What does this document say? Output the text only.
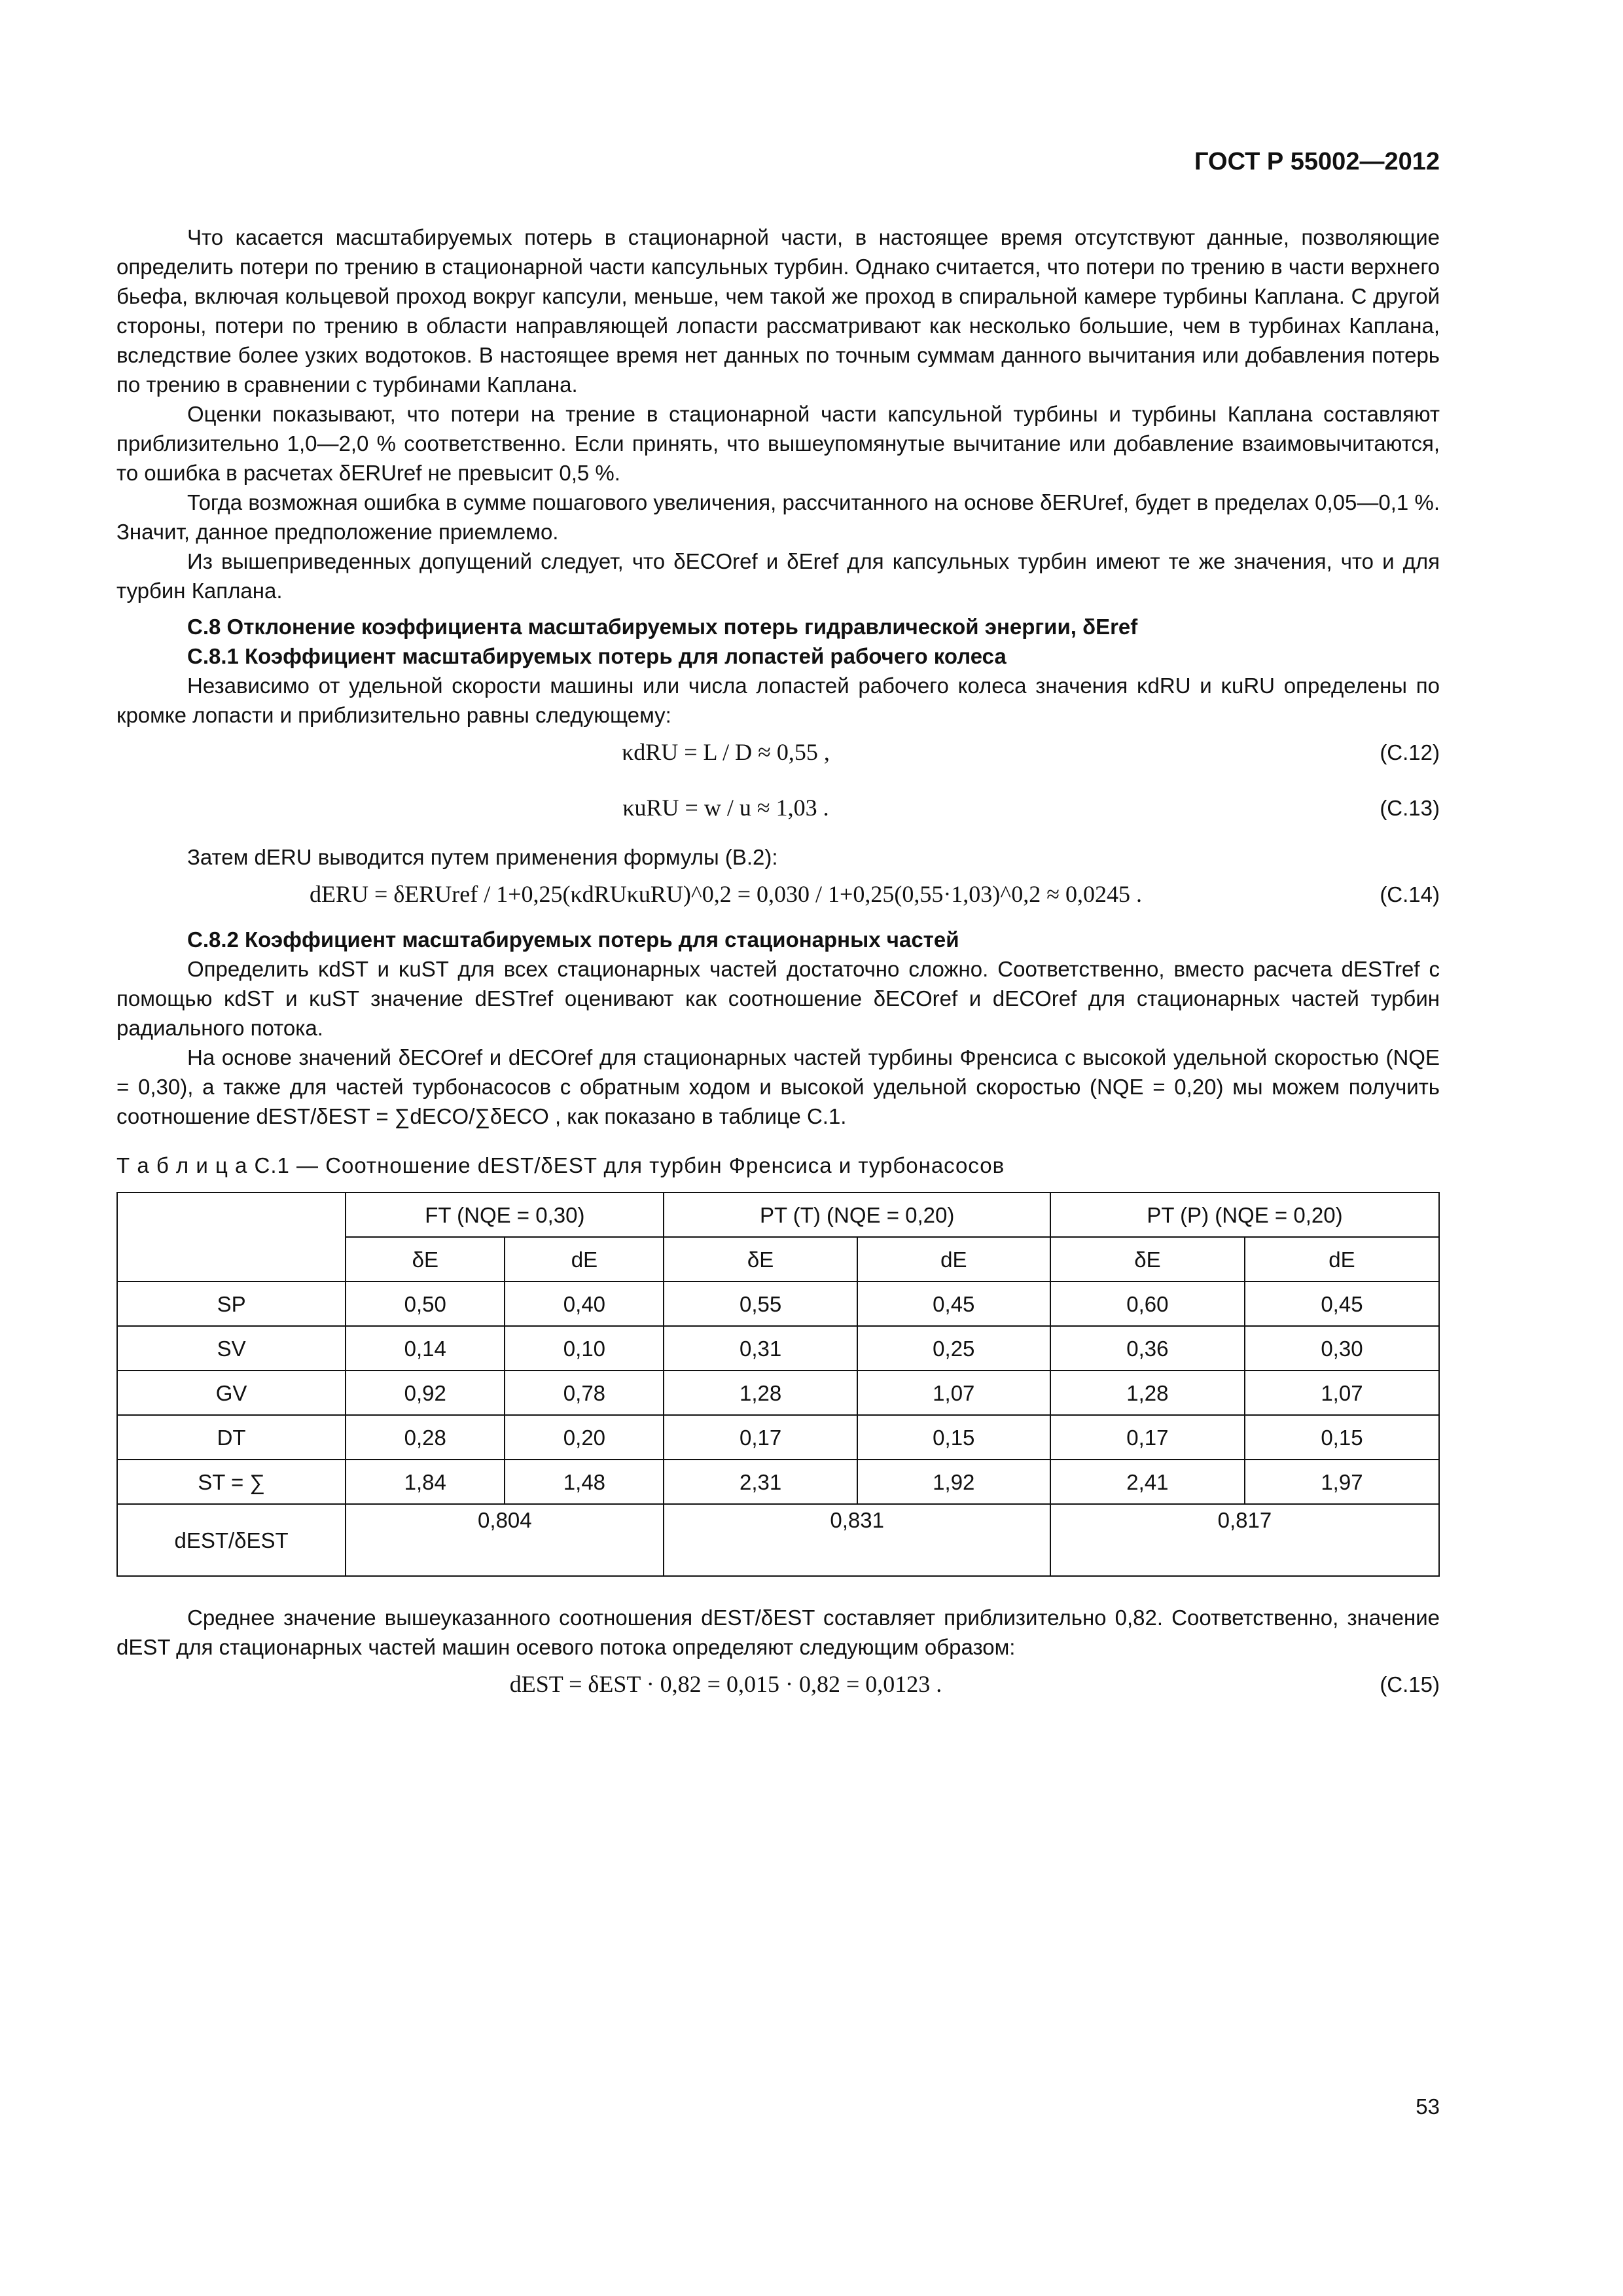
ГОСТ Р 55002—2012

Что касается масштабируемых потерь в стационарной части, в настоящее время отсутствуют данные, позволяющие определить потери по трению в стационарной части капсульных турбин. Однако считается, что потери по трению в части верхнего бьефа, включая кольцевой проход вокруг капсули, меньше, чем такой же проход в спиральной камере турбины Каплана. С другой стороны, потери по трению в области направляющей лопасти рассматривают как несколько большие, чем в турбинах Каплана, вследствие более узких водотоков. В настоящее время нет данных по точным суммам данного вычитания или добавления потерь по трению в сравнении с турбинами Каплана.

Оценки показывают, что потери на трение в стационарной части капсульной турбины и турбины Каплана составляют приблизительно 1,0—2,0 % соответственно. Если принять, что вышеупомянутые вычитание или добавление взаимовычитаются, то ошибка в расчетах δERUref не превысит 0,5 %.

Тогда возможная ошибка в сумме пошагового увеличения, рассчитанного на основе δERUref, будет в пределах 0,05—0,1 %. Значит, данное предположение приемлемо.

Из вышеприведенных допущений следует, что δECOref и δEref для капсульных турбин имеют те же значения, что и для турбин Каплана.

С.8 Отклонение коэффициента масштабируемых потерь гидравлической энергии, δEref
С.8.1 Коэффициент масштабируемых потерь для лопастей рабочего колеса

Независимо от удельной скорости машины или числа лопастей рабочего колеса значения κdRU и κuRU определены по кромке лопасти и приблизительно равны следующему:

κdRU = L / D ≈ 0,55 ,	(С.12)
κuRU = w / u ≈ 1,03 .	(С.13)

Затем dERU выводится путем применения формулы (В.2):

dERU = δERUref / 1+0,25(κdRUκuRU)^0,2 = 0,030 / 1+0,25(0,55·1,03)^0,2 ≈ 0,0245 .	(С.14)
С.8.2 Коэффициент масштабируемых потерь для стационарных частей

Определить κdST и κuST для всех стационарных частей достаточно сложно. Соответственно, вместо расчета dESTref с помощью κdST и κuST значение dESTref оценивают как соотношение δECOref и dECOref для стационарных частей турбин радиального потока.

На основе значений δECOref и dECOref для стационарных частей турбины Френсиса с высокой удельной скоростью (NQE = 0,30), а также для частей турбонасосов с обратным ходом и высокой удельной скоростью (NQE = 0,20) мы можем получить соотношение dEST/δEST = ∑dECO/∑δECO , как показано в таблице С.1.

Т а б л и ц а С.1 — Соотношение dEST/δEST для турбин Френсиса и турбонасосов
	FT (NQE = 0,30)		PT (T) (NQE = 0,20)		PT (P) (NQE = 0,20)	
	δE	dE	δE	dE	δE	dE
SP	0,50	0,40	0,55	0,45	0,60	0,45
SV	0,14	0,10	0,31	0,25	0,36	0,30
GV	0,92	0,78	1,28	1,07	1,28	1,07
DT	0,28	0,20	0,17	0,15	0,17	0,15
ST = ∑	1,84	1,48	2,31	1,92	2,41	1,97
dEST/δEST	0,804		0,831		0,817	

Среднее значение вышеуказанного соотношения dEST/δEST составляет приблизительно 0,82. Соответственно, значение dEST для стационарных частей машин осевого потока определяют следующим образом:

dEST = δEST · 0,82 = 0,015 · 0,82 = 0,0123 .	(С.15)
53
